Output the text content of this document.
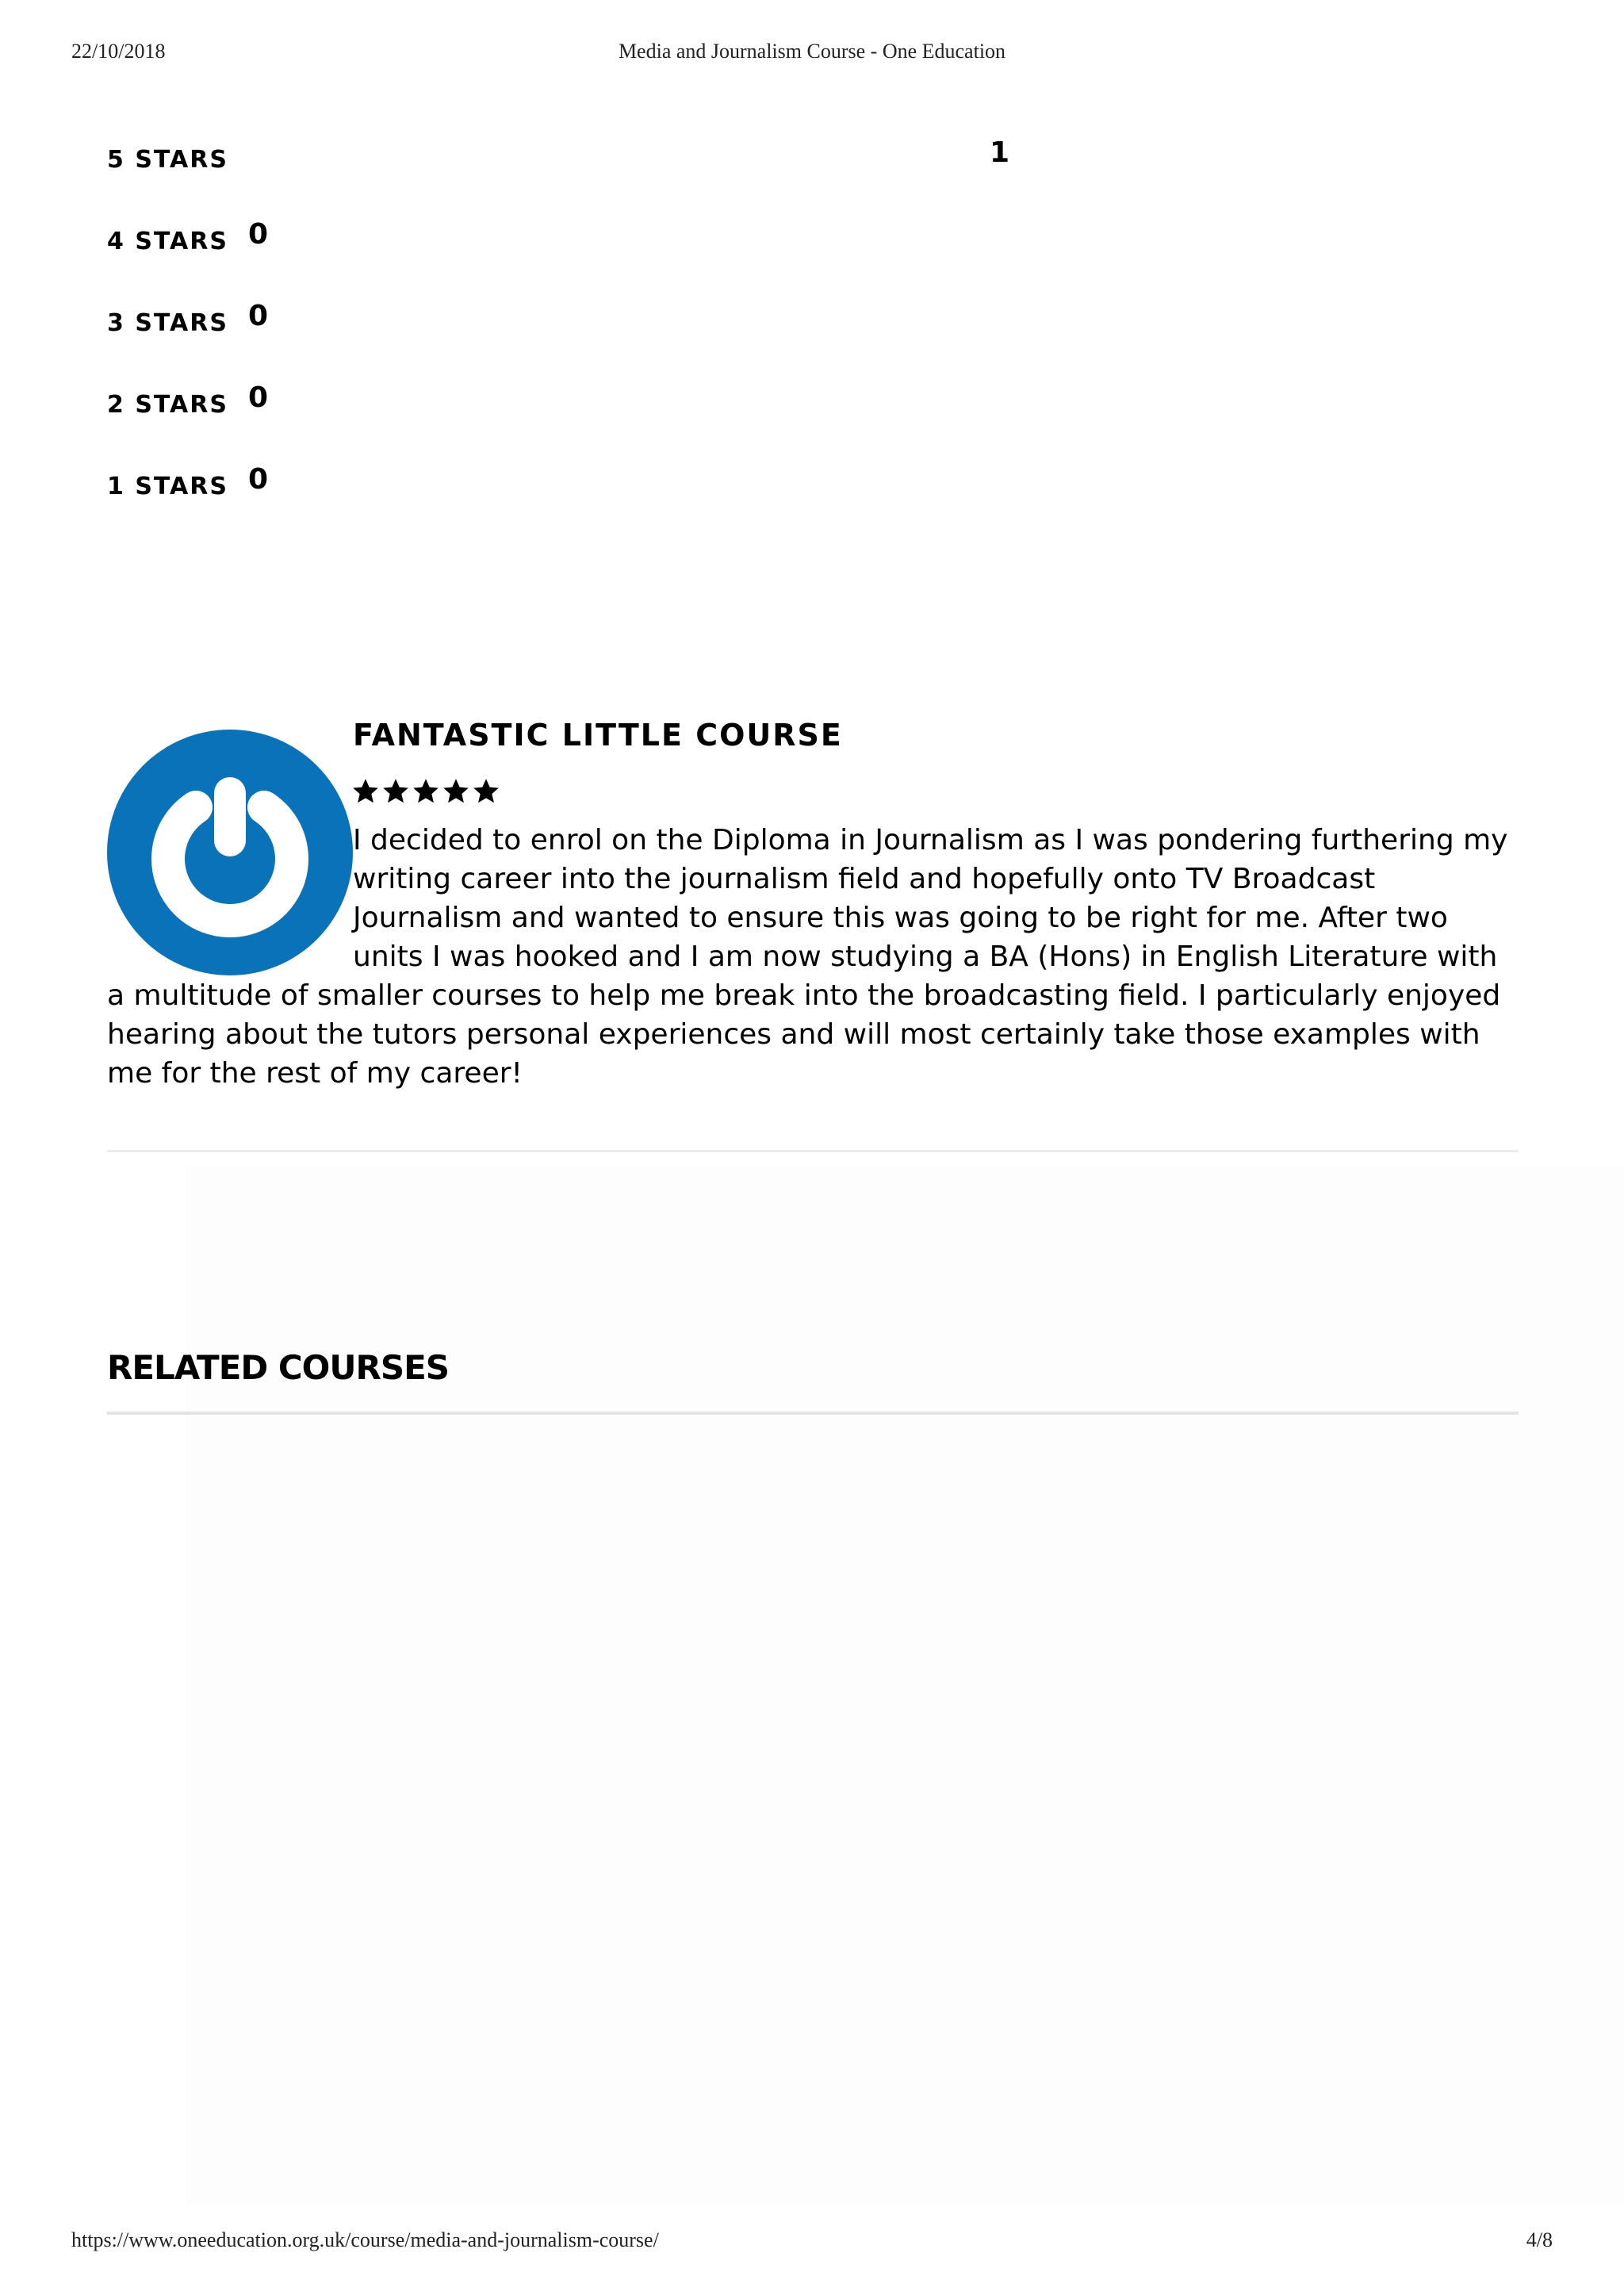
22/10/2018	Media and Journalism Course - One Education
5 STARS	1
4 STARS 0
3 STARS 0
2 STARS 0
1 STARS 0
FANTASTIC LITTLE COURSE
I decided to enrol on the Diploma in Journalism as I was pondering furthering my writing career into the journalism field and hopefully onto TV Broadcast Journalism and wanted to ensure this was going to be right for me. After two units I was hooked and I am now studying a BA (Hons) in English Literature with a multitude of smaller courses to help me break into the broadcasting field. I particularly enjoyed hearing about the tutors personal experiences and will most certainly take those examples with me for the rest of my career!
RELATED COURSES
https://www.oneeducation.org.uk/course/media-and-journalism-course/	4/8
